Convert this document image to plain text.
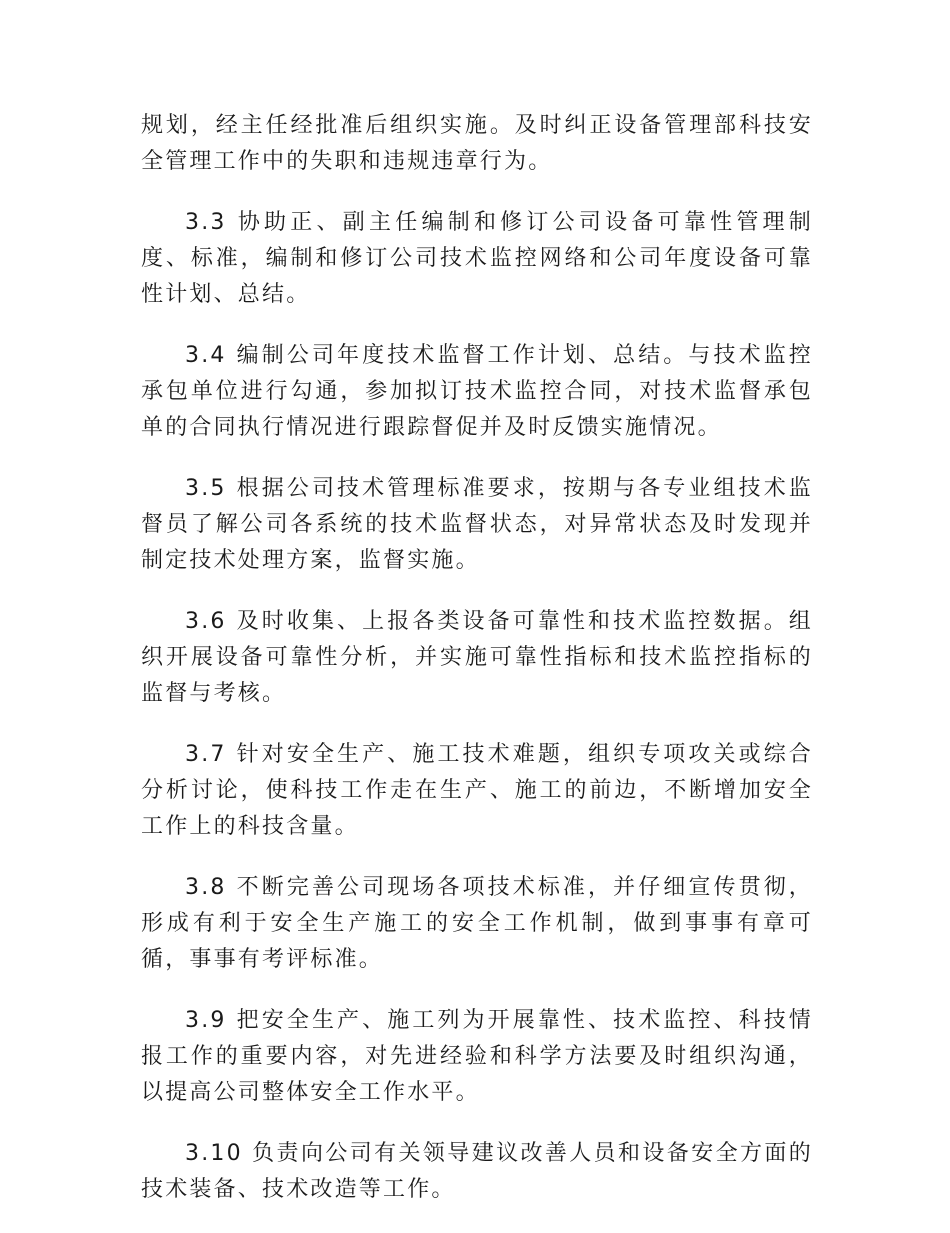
规划，经主任经批准后组织实施。及时纠正设备管理部科技安全管理工作中的失职和违规违章行为。

3.3 协助正、副主任编制和修订公司设备可靠性管理制度、标准，编制和修订公司技术监控网络和公司年度设备可靠性计划、总结。

3.4 编制公司年度技术监督工作计划、总结。与技术监控承包单位进行勾通，参加拟订技术监控合同，对技术监督承包单的合同执行情况进行跟踪督促并及时反馈实施情况。

3.5 根据公司技术管理标准要求，按期与各专业组技术监督员了解公司各系统的技术监督状态，对异常状态及时发现并制定技术处理方案，监督实施。

3.6 及时收集、上报各类设备可靠性和技术监控数据。组织开展设备可靠性分析，并实施可靠性指标和技术监控指标的监督与考核。

3.7 针对安全生产、施工技术难题，组织专项攻关或综合分析讨论，使科技工作走在生产、施工的前边，不断增加安全工作上的科技含量。

3.8 不断完善公司现场各项技术标准，并仔细宣传贯彻，形成有利于安全生产施工的安全工作机制，做到事事有章可循，事事有考评标准。

3.9 把安全生产、施工列为开展靠性、技术监控、科技情报工作的重要内容，对先进经验和科学方法要及时组织沟通，以提高公司整体安全工作水平。

3.10 负责向公司有关领导建议改善人员和设备安全方面的技术装备、技术改造等工作。
